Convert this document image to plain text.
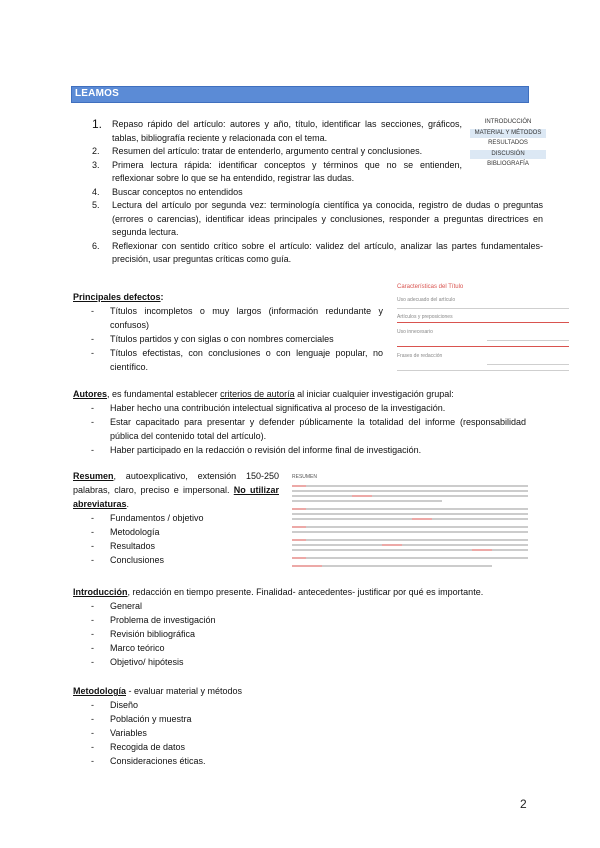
LEAMOS
1. Repaso rápido del artículo: autores y año, título, identificar las secciones, gráficos, tablas, bibliografía reciente y relacionada con el tema.
2. Resumen del artículo: tratar de entenderlo, argumento central y conclusiones.
3. Primera lectura rápida: identificar conceptos y términos que no se entienden, reflexionar sobre lo que se ha entendido, registrar las dudas.
4. Buscar conceptos no entendidos
5. Lectura del artículo por segunda vez: terminología científica ya conocida, registro de dudas o preguntas (errores o carencias), identificar ideas principales y conclusiones, responder a preguntas directrices en segunda lectura.
6. Reflexionar con sentido crítico sobre el artículo: validez del artículo, analizar las partes fundamentales-precisión, usar preguntas críticas como guía.
INTRODUCCIÓN
MATERIAL Y MÉTODOS
RESULTADOS
DISCUSIÓN
BIBLIOGRAFÍA
Principales defectos:
- Títulos incompletos o muy largos (información redundante y confusos)
- Títulos partidos y con siglas o con nombres comerciales
- Títulos efectistas, con conclusiones o con lenguaje popular, no científico.
Características del Título
Uso adecuado del artículo
Artículos y preposiciones
Uso innecesario
Frases de redacción
Autores, es fundamental establecer criterios de autoría al iniciar cualquier investigación grupal:
- Haber hecho una contribución intelectual significativa al proceso de la investigación.
- Estar capacitado para presentar y defender públicamente la totalidad del informe (responsabilidad pública del contenido total del artículo).
- Haber participado en la redacción o revisión del informe final de investigación.
Resumen, autoexplicativo, extensión 150-250 palabras, claro, preciso e impersonal. No utilizar abreviaturas.
- Fundamentos / objetivo
- Metodología
- Resultados
- Conclusiones
RESUMEN
Introducción, redacción en tiempo presente. Finalidad- antecedentes- justificar por qué es importante.
- General
- Problema de investigación
- Revisión bibliográfica
- Marco teórico
- Objetivo/ hipótesis
Metodología - evaluar material y métodos
- Diseño
- Población y muestra
- Variables
- Recogida de datos
- Consideraciones éticas.
2
